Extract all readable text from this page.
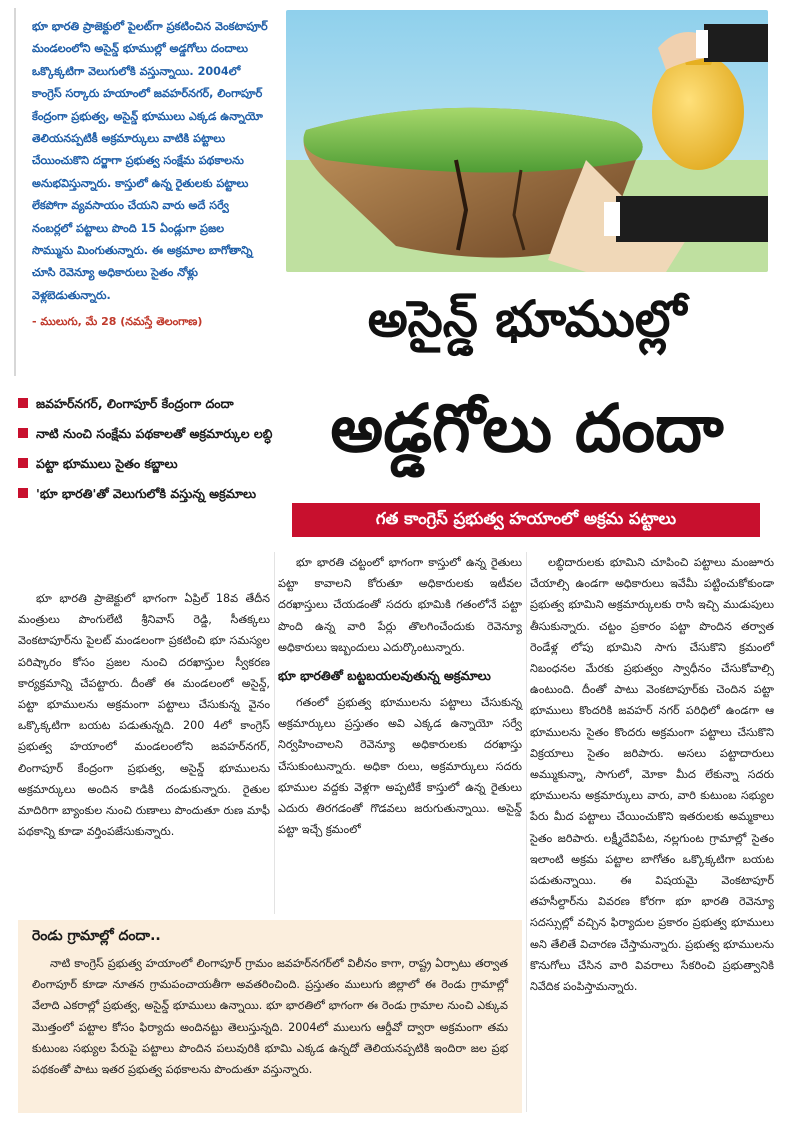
భూ భారతి ప్రాజెక్టులో పైలట్‌గా ప్రకటించిన వెంకటాపూర్ మండలంలోని అసైన్డ్ భూముల్లో అడ్డగోలు దందాలు ఒక్కొక్కటిగా వెలుగులోకి వస్తున్నాయి. 2004లో కాంగ్రెస్ సర్కారు హయాంలో జవహర్‌నగర్, లింగాపూర్ కేంద్రంగా ప్రభుత్వ, అసైన్డ్ భూములు ఎక్కడ ఉన్నాయో తెలియనప్పటికీ అక్రమార్కులు వాటికి పట్టాలు చేయించుకొని దర్జాగా ప్రభుత్వ సంక్షేమ పథకాలను అనుభవిస్తున్నారు. కాస్తులో ఉన్న రైతులకు పట్టాలు లేకపోగా వ్యవసాయం చేయని వారు అదే సర్వే నంబర్లలో పట్టాలు పొంది 15 ఏండ్లుగా ప్రజల సొమ్మును మింగుతున్నారు. ఈ అక్రమాల బాగోతాన్ని చూసి రెవెన్యూ అధికారులు సైతం నోళ్లు వెళ్లబెడుతున్నారు.

- ములుగు, మే 28 (నమస్తే తెలంగాణ)

జవహర్‌నగర్, లింగాపూర్ కేంద్రంగా దందా
నాటి నుంచి సంక్షేమ పథకాలతో అక్రమార్కుల లబ్ధి
పట్టా భూములు సైతం కబ్జాలు
'భూ భారతి'తో వెలుగులోకి వస్తున్న అక్రమాలు
అసైన్డ్ భూముల్లో
అడ్డగోలు దందా
గత కాంగ్రెస్ ప్రభుత్వ హయాంలో అక్రమ పట్టాలు

భూ భారతి ప్రాజెక్టులో భాగంగా ఏప్రిల్ 18వ తేదీన మంత్రులు పొంగులేటి శ్రీనివాస్ రెడ్డి, సీతక్కలు వెంకటాపూర్‌ను పైలట్ మండలంగా ప్రకటించి భూ సమస్యల పరిష్కారం కోసం ప్రజల నుంచి దరఖాస్తుల స్వీకరణ కార్యక్రమాన్ని చేపట్టారు. దీంతో ఈ మండలంలో అసైన్డ్, పట్టా భూములను అక్రమంగా పట్టాలు చేసుకున్న వైనం ఒక్కొక్కటిగా బయట పడుతున్నది. 200 4లో కాంగ్రెస్ ప్రభుత్వ హయాంలో మండలంలోని జవహర్‌నగర్, లింగాపూర్ కేంద్రంగా ప్రభుత్వ, అసైన్డ్ భూములను అక్రమార్కులు అందిన కాడికి దండుకున్నారు. రైతుల మాదిరిగా బ్యాంకుల నుంచి రుణాలు పొందుతూ రుణ మాఫీ పథకాన్ని కూడా వర్తింపజేసుకున్నారు.

భూ భారతి చట్టంలో భాగంగా కాస్తులో ఉన్న రైతులు పట్టా కావాలని కోరుతూ అధికారులకు ఇటీవల దరఖాస్తులు చేయడంతో సదరు భూమికి గతంలోనే పట్టా పొంది ఉన్న వారి పేర్లు తొలగించేందుకు రెవెన్యూ అధికారులు ఇబ్బందులు ఎదుర్కొంటున్నారు.

భూ భారతితో బట్టబయలవుతున్న అక్రమాలు

గతంలో ప్రభుత్వ భూములను పట్టాలు చేసుకున్న అక్రమార్కులు ప్రస్తుతం అవి ఎక్కడ ఉన్నాయో సర్వే నిర్వహించాలని రెవెన్యూ అధికారులకు దరఖాస్తు చేసుకుంటున్నారు. అధికా రులు, అక్రమార్కులు సదరు భూముల వద్దకు వెళ్లగా అప్పటికే కాస్తులో ఉన్న రైతులు ఎదురు తిరగడంతో గొడవలు జరుగుతున్నాయి. అసైన్డ్ పట్టా ఇచ్చే క్రమంలో

లబ్ధిదారులకు భూమిని చూపించి పట్టాలు మంజూరు చేయాల్సి ఉండగా అధికారులు ఇవేమీ పట్టించుకోకుండా ప్రభుత్వ భూమిని అక్రమార్కులకు రాసి ఇచ్చి ముడుపులు తీసుకున్నారు. చట్టం ప్రకారం పట్టా పొందిన తర్వాత రెండేళ్ల లోపు భూమిని సాగు చేసుకొని క్రమంలో నిబంధనల మేరకు ప్రభుత్వం స్వాధీనం చేసుకోవాల్సి ఉంటుంది. దీంతో పాటు వెంకటాపూర్‌కు చెందిన పట్టా భూములు కొందరికి జవహర్ నగర్ పరిధిలో ఉండగా ఆ భూములను సైతం కొందరు అక్రమంగా పట్టాలు చేసుకొని విక్రయాలు సైతం జరిపారు. అసలు పట్టాదారులు అమ్ముకున్నా, సాగులో, మోకా మీద లేకున్నా సదరు భూములను అక్రమార్కులు వారు, వారి కుటుంబ సభ్యుల పేరు మీద పట్టాలు చేయించుకొని ఇతరులకు అమ్మకాలు సైతం జరిపారు. లక్ష్మీదేవిపేట, నల్లగుంట గ్రామాల్లో సైతం ఇలాంటి అక్రమ పట్టాల బాగోతం ఒక్కొక్కటిగా బయట పడుతున్నాయి. ఈ విషయమై వెంకటాపూర్ తహసీల్దార్‌ను వివరణ కోరగా భూ భారతి రెవెన్యూ సదస్సుల్లో వచ్చిన ఫిర్యాదుల ప్రకారం ప్రభుత్వ భూములు అని తేలితే విచారణ చేస్తామన్నారు. ప్రభుత్వ భూములను కొనుగోలు చేసిన వారి వివరాలు సేకరించి ప్రభుత్వానికి నివేదిక పంపిస్తామన్నారు.

రెండు గ్రామాల్లో దందా..

నాటి కాంగ్రెస్ ప్రభుత్వ హయాంలో లింగాపూర్ గ్రామం జవహర్‌నగర్‌లో విలీనం కాగా, రాష్ట్ర ఏర్పాటు తర్వాత లింగాపూర్ కూడా నూతన గ్రామపంచాయతీగా అవతరించింది. ప్రస్తుతం ములుగు జిల్లాలో ఈ రెండు గ్రామాల్లో వేలాది ఎకరాల్లో ప్రభుత్వ, అసైన్డ్ భూములు ఉన్నాయి. భూ భారతిలో భాగంగా ఈ రెండు గ్రామాల నుంచి ఎక్కువ మొత్తంలో పట్టాల కోసం ఫిర్యాదు అందినట్టు తెలుస్తున్నది. 2004లో ములుగు ఆర్డీవో ద్వారా అక్రమంగా తమ కుటుంబ సభ్యుల పేరుపై పట్టాలు పొందిన పలువురికి భూమి ఎక్కడ ఉన్నదో తెలియనప్పటికి ఇందిరా జల ప్రభ పథకంతో పాటు ఇతర ప్రభుత్వ పథకాలను పొందుతూ వస్తున్నారు.
